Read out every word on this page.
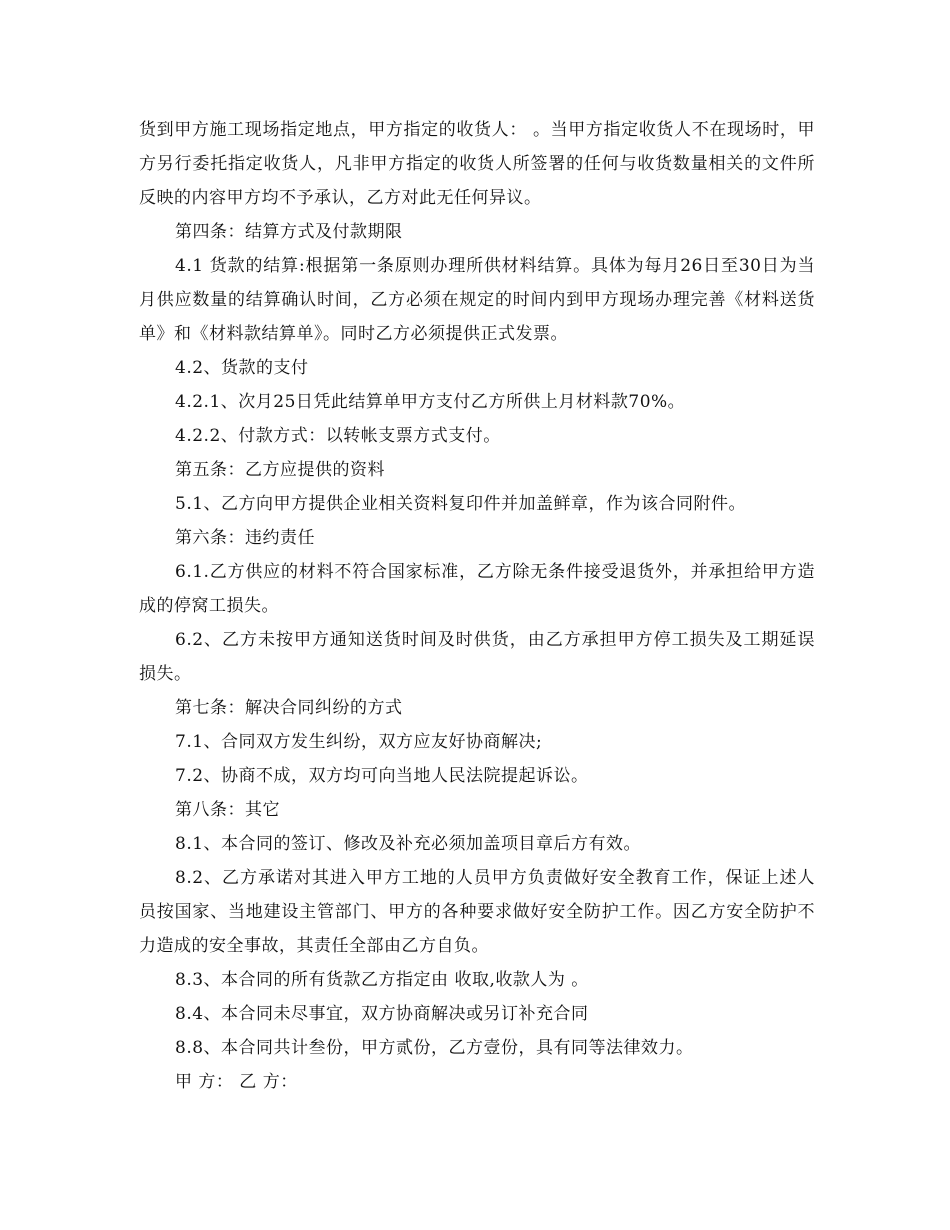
货到甲方施工现场指定地点，甲方指定的收货人： 。当甲方指定收货人不在现场时，甲方另行委托指定收货人，凡非甲方指定的收货人所签署的任何与收货数量相关的文件所反映的内容甲方均不予承认，乙方对此无任何异议。

第四条：结算方式及付款期限

4.1 货款的结算:根据第一条原则办理所供材料结算。具体为每月26日至30日为当月供应数量的结算确认时间，乙方必须在规定的时间内到甲方现场办理完善《材料送货单》和《材料款结算单》。同时乙方必须提供正式发票。

4.2、货款的支付

4.2.1、次月25日凭此结算单甲方支付乙方所供上月材料款70%。

4.2.2、付款方式：以转帐支票方式支付。

第五条：乙方应提供的资料

5.1、乙方向甲方提供企业相关资料复印件并加盖鲜章，作为该合同附件。

第六条：违约责任

6.1.乙方供应的材料不符合国家标准，乙方除无条件接受退货外，并承担给甲方造成的停窝工损失。

6.2、乙方未按甲方通知送货时间及时供货，由乙方承担甲方停工损失及工期延误损失。

第七条：解决合同纠纷的方式

7.1、合同双方发生纠纷，双方应友好协商解决;

7.2、协商不成，双方均可向当地人民法院提起诉讼。

第八条：其它

8.1、本合同的签订、修改及补充必须加盖项目章后方有效。

8.2、乙方承诺对其进入甲方工地的人员甲方负责做好安全教育工作，保证上述人员按国家、当地建设主管部门、甲方的各种要求做好安全防护工作。因乙方安全防护不力造成的安全事故，其责任全部由乙方自负。

8.3、本合同的所有货款乙方指定由 收取,收款人为 。

8.4、本合同未尽事宜，双方协商解决或另订补充合同

8.8、本合同共计叁份，甲方贰份，乙方壹份，具有同等法律效力。

甲 方： 乙 方：
